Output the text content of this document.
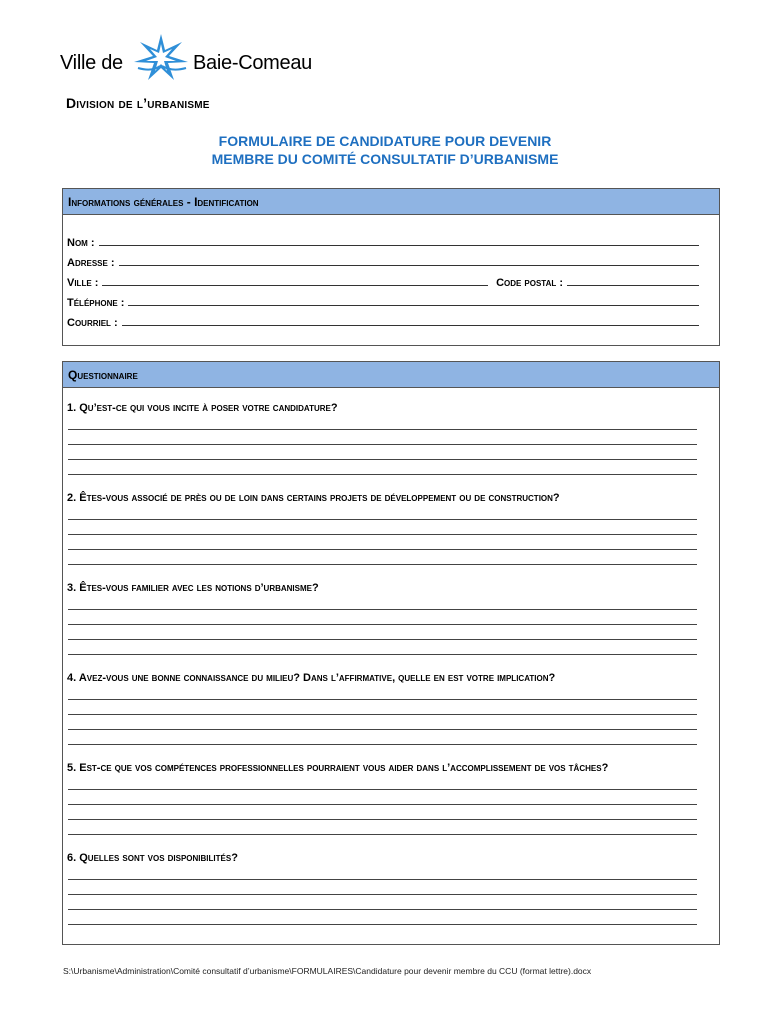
Ville de	Baie-Comeau
Division de l’urbanisme
FORMULAIRE DE CANDIDATURE POUR DEVENIR
MEMBRE DU COMITÉ CONSULTATIF D’URBANISME
Informations générales - Identification
Nom :
Adresse :
Ville :	Code postal :
Téléphone :
Courriel :
Questionnaire
1. Qu’est-ce qui vous incite à poser votre candidature?
2. Êtes-vous associé de près ou de loin dans certains projets de développement ou de construction?
3. Êtes-vous familier avec les notions d’urbanisme?
4. Avez-vous une bonne connaissance du milieu? Dans l’affirmative, quelle en est votre implication?
5. Est-ce que vos compétences professionnelles pourraient vous aider dans l’accomplissement de vos tâches?
6. Quelles sont vos disponibilités?
S:\Urbanisme\Administration\Comité consultatif d’urbanisme\FORMULAIRES\Candidature pour devenir membre du CCU (format lettre).docx
